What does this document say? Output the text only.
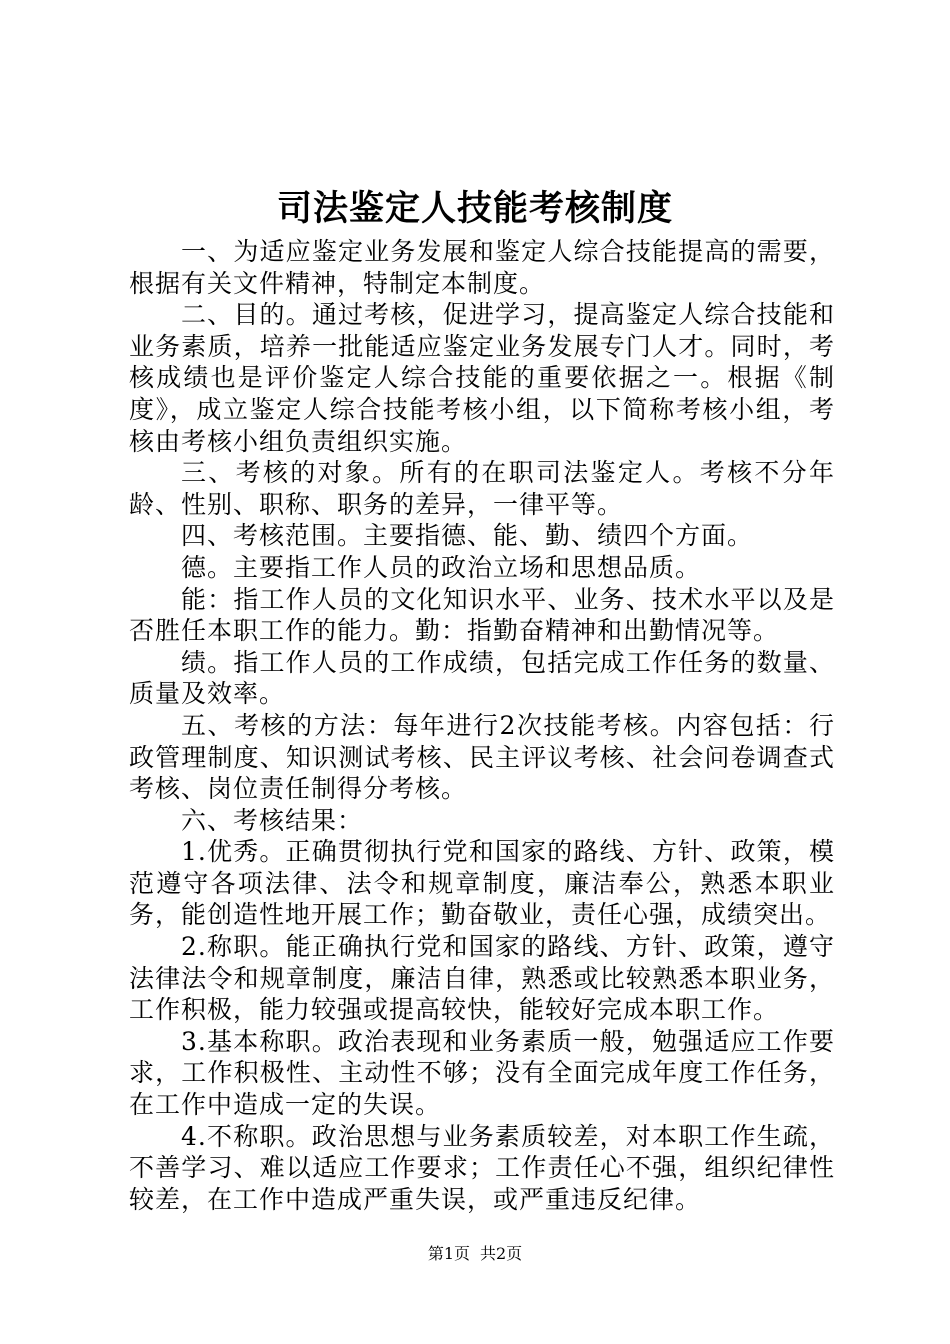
司法鉴定人技能考核制度

一、为适应鉴定业务发展和鉴定人综合技能提高的需要，根据有关文件精神，特制定本制度。

二、目的。通过考核，促进学习，提高鉴定人综合技能和业务素质，培养一批能适应鉴定业务发展专门人才。同时，考核成绩也是评价鉴定人综合技能的重要依据之一。根据《制度》，成立鉴定人综合技能考核小组，以下简称考核小组，考核由考核小组负责组织实施。

三、考核的对象。所有的在职司法鉴定人。考核不分年龄、性别、职称、职务的差异，一律平等。

四、考核范围。主要指德、能、勤、绩四个方面。

德。主要指工作人员的政治立场和思想品质。

能：指工作人员的文化知识水平、业务、技术水平以及是否胜任本职工作的能力。勤：指勤奋精神和出勤情况等。

绩。指工作人员的工作成绩，包括完成工作任务的数量、质量及效率。

五、考核的方法：每年进行2次技能考核。内容包括：行政管理制度、知识测试考核、民主评议考核、社会问卷调查式考核、岗位责任制得分考核。

六、考核结果：

1.优秀。正确贯彻执行党和国家的路线、方针、政策，模范遵守各项法律、法令和规章制度，廉洁奉公，熟悉本职业务，能创造性地开展工作；勤奋敬业，责任心强，成绩突出。

2.称职。能正确执行党和国家的路线、方针、政策，遵守法律法令和规章制度，廉洁自律，熟悉或比较熟悉本职业务，工作积极，能力较强或提高较快，能较好完成本职工作。

3.基本称职。政治表现和业务素质一般，勉强适应工作要求，工作积极性、主动性不够；没有全面完成年度工作任务，在工作中造成一定的失误。

4.不称职。政治思想与业务素质较差，对本职工作生疏，不善学习、难以适应工作要求；工作责任心不强，组织纪律性较差，在工作中造成严重失误，或严重违反纪律。

第1页 共2页
